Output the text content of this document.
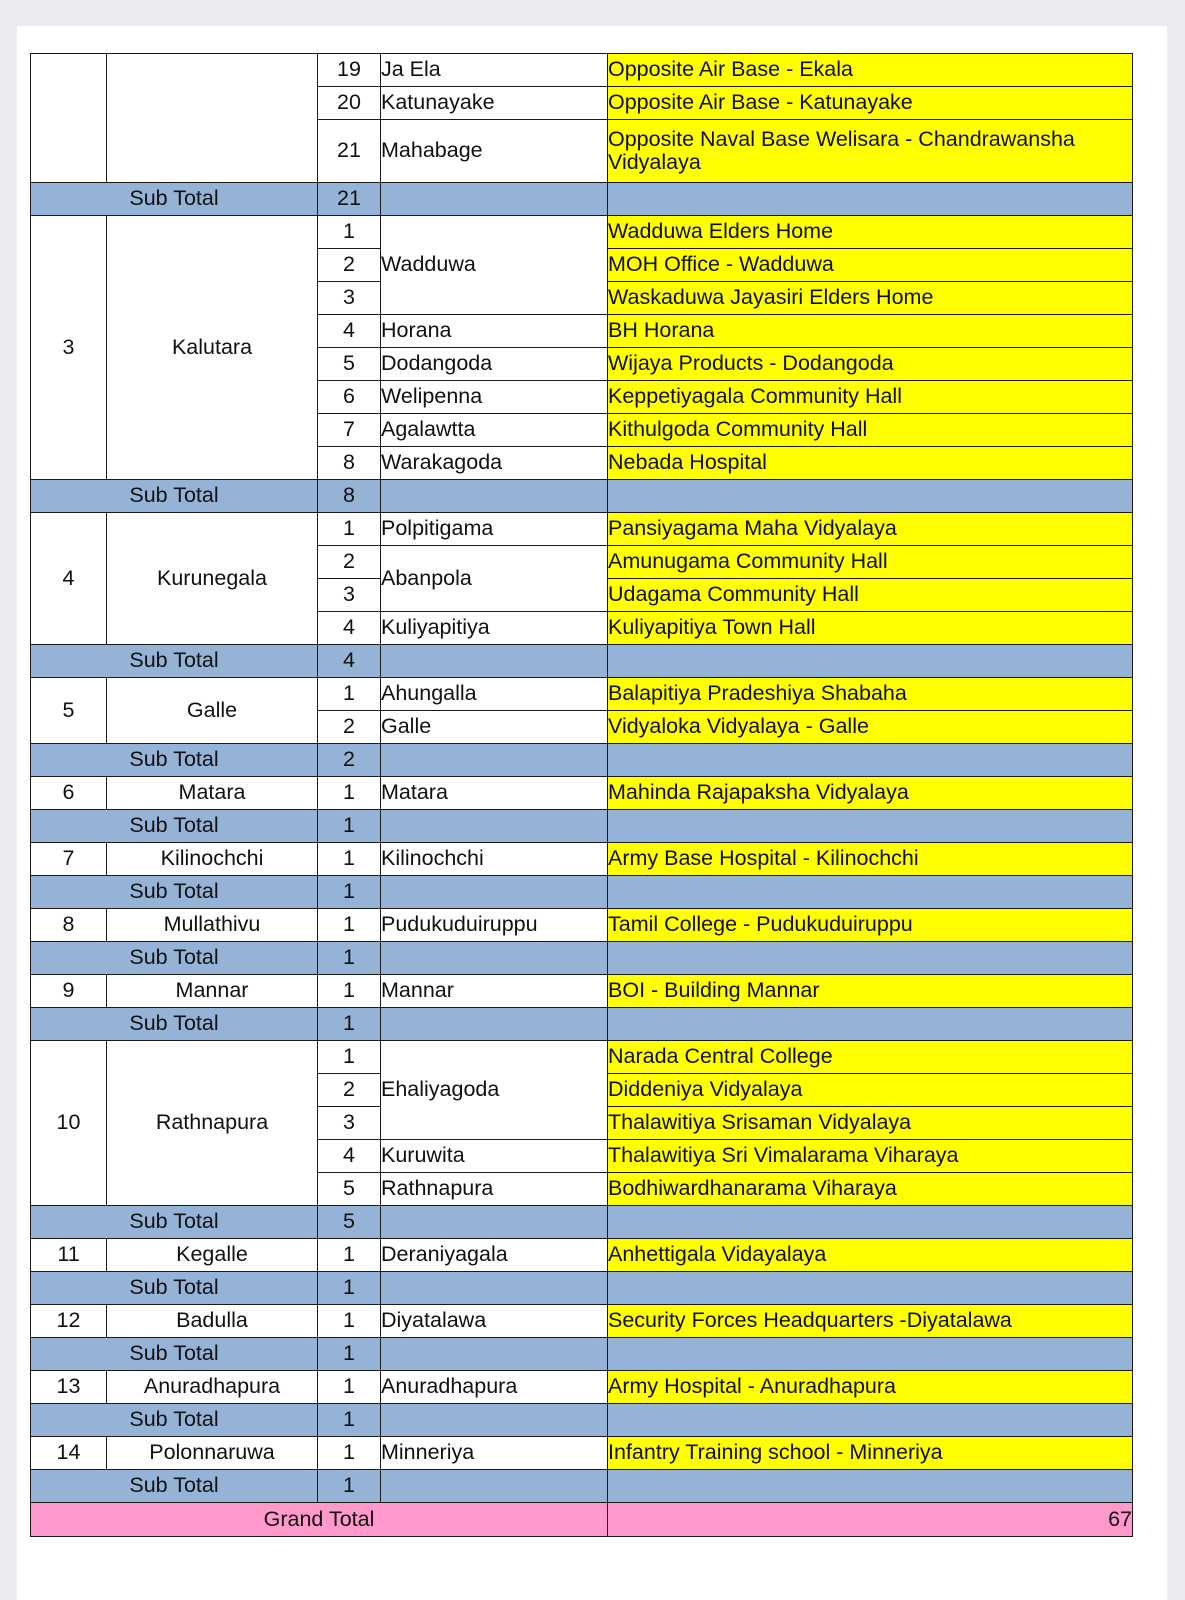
		19	Ja Ela	Opposite Air Base - Ekala
		20	Katunayake	Opposite Air Base - Katunayake
		21	Mahabage	Opposite Naval Base Welisara - Chandrawansha Vidyalaya
Sub Total		21		
3	Kalutara	1	Wadduwa	Wadduwa Elders Home
		2		MOH Office - Wadduwa
		3		Waskaduwa Jayasiri Elders Home
		4	Horana	BH Horana
		5	Dodangoda	Wijaya Products - Dodangoda
		6	Welipenna	Keppetiyagala Community Hall
		7	Agalawtta	Kithulgoda Community Hall
		8	Warakagoda	Nebada Hospital
Sub Total		8		
4	Kurunegala	1	Polpitigama	Pansiyagama Maha Vidyalaya
		2	Abanpola	Amunugama Community Hall
		3		Udagama Community Hall
		4	Kuliyapitiya	Kuliyapitiya Town Hall
Sub Total		4		
5	Galle	1	Ahungalla	Balapitiya Pradeshiya Shabaha
		2	Galle	Vidyaloka Vidyalaya - Galle
Sub Total		2		
6	Matara	1	Matara	Mahinda Rajapaksha Vidyalaya
Sub Total		1		
7	Kilinochchi	1	Kilinochchi	Army Base Hospital - Kilinochchi
Sub Total		1		
8	Mullathivu	1	Pudukuduiruppu	Tamil College - Pudukuduiruppu
Sub Total		1		
9	Mannar	1	Mannar	BOI - Building Mannar
Sub Total		1		
10	Rathnapura	1	Ehaliyagoda	Narada Central College
		2		Diddeniya Vidyalaya
		3		Thalawitiya Srisaman Vidyalaya
		4	Kuruwita	Thalawitiya Sri Vimalarama Viharaya
		5	Rathnapura	Bodhiwardhanarama Viharaya
Sub Total		5		
11	Kegalle	1	Deraniyagala	Anhettigala Vidayalaya
Sub Total		1		
12	Badulla	1	Diyatalawa	Security Forces Headquarters -Diyatalawa
Sub Total		1		
13	Anuradhapura	1	Anuradhapura	Army Hospital - Anuradhapura
Sub Total		1		
14	Polonnaruwa	1	Minneriya	Infantry Training school - Minneriya
Sub Total		1		
Grand Total				67
